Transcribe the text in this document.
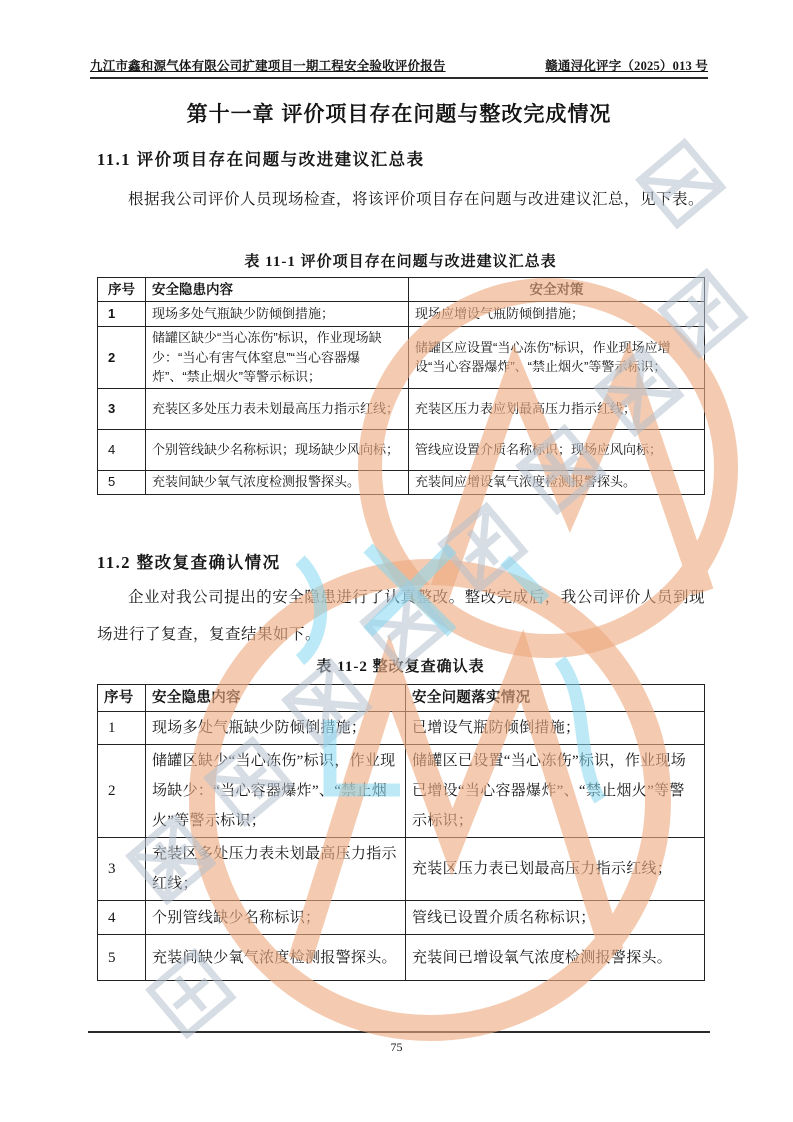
九江市鑫和源气体有限公司扩建项目一期工程安全验收评价报告	赣通浔化评字（2025）013 号
第十一章 评价项目存在问题与整改完成情况
11.1 评价项目存在问题与改进建议汇总表
根据我公司评价人员现场检查，将该评价项目存在问题与改进建议汇总，见下表。
表 11-1 评价项目存在问题与改进建议汇总表
序号	安全隐患内容	安全对策
1	现场多处气瓶缺少防倾倒措施；	现场应增设气瓶防倾倒措施；
2	储罐区缺少“当心冻伤”标识，作业现场缺少：“当心有害气体窒息”“当心容器爆炸”、“禁止烟火”等警示标识；	储罐区应设置“当心冻伤”标识，作业现场应增设“当心容器爆炸”、“禁止烟火”等警示标识；
3	充装区多处压力表未划最高压力指示红线；	充装区压力表应划最高压力指示红线；
4	个别管线缺少名称标识；现场缺少风向标；	管线应设置介质名称标识；现场应风向标；
5	充装间缺少氧气浓度检测报警探头。	充装间应增设氧气浓度检测报警探头。
11.2 整改复查确认情况
企业对我公司提出的安全隐患进行了认真整改。整改完成后，我公司评价人员到现场进行了复查，复查结果如下。
表 11-2 整改复查确认表
序号	安全隐患内容	安全问题落实情况
1	现场多处气瓶缺少防倾倒措施；	已增设气瓶防倾倒措施；
2	储罐区缺少“当心冻伤”标识，作业现场缺少：“当心容器爆炸”、“禁止烟火”等警示标识；	储罐区已设置“当心冻伤”标识，作业现场已增设“当心容器爆炸”、“禁止烟火”等警示标识；
3	充装区多处压力表未划最高压力指示红线；	充装区压力表已划最高压力指示红线；
4	个别管线缺少名称标识；	管线已设置介质名称标识；
5	充装间缺少氧气浓度检测报警探头。	充装间已增设氧气浓度检测报警探头。
75
